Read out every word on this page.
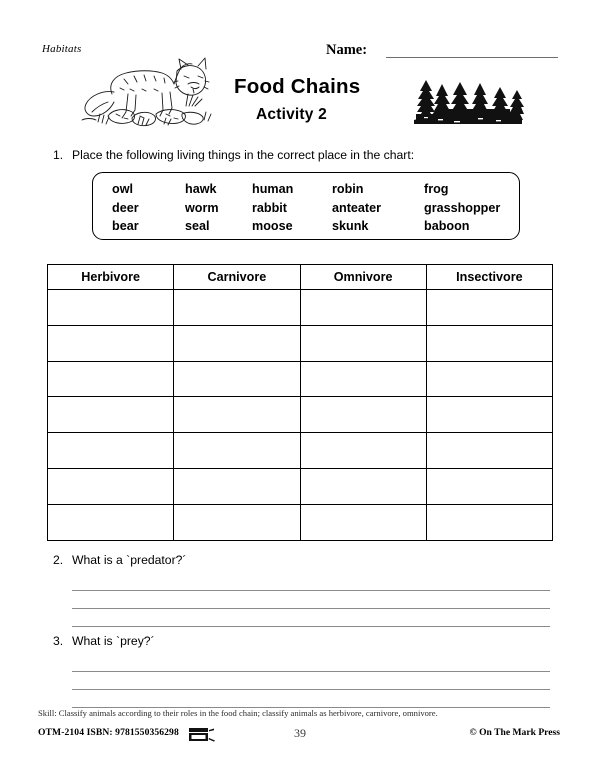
Habitats	Name:
Food Chains
Activity 2
1. Place the following living things in the correct place in the chart:
owl	hawk	human	robin	frog
deer	worm	rabbit	anteater	grasshopper
bear	seal	moose	skunk	baboon
Herbivore	Carnivore	Omnivore	Insectivore

2. What is a `predator?´
3. What is `prey?´
Skill: Classify animals according to their roles in the food chain; classify animals as herbivore, carnivore, omnivore.
OTM-2104 ISBN: 9781550356298	39	© On The Mark Press
